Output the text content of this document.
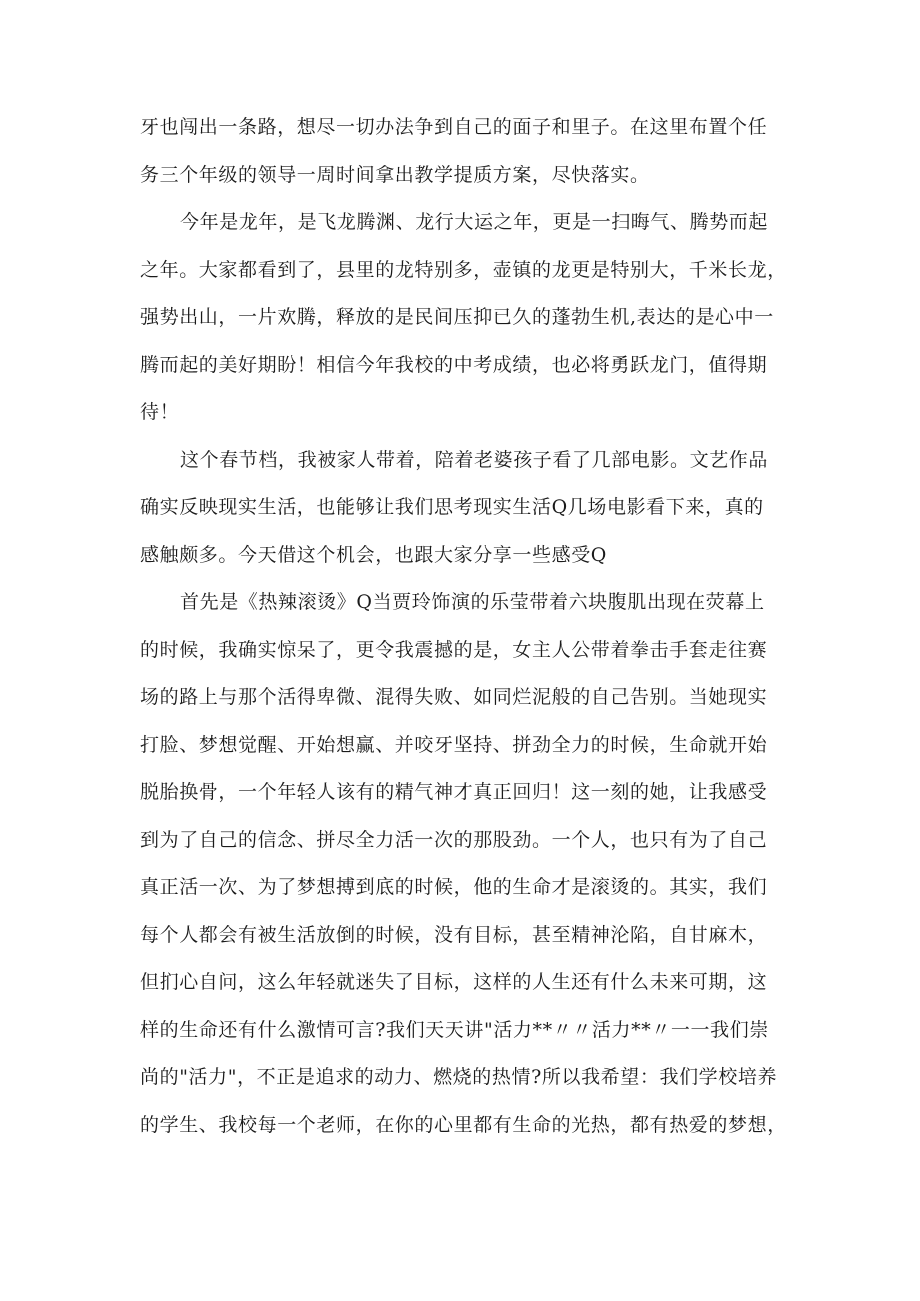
牙也闯出一条路，想尽一切办法争到自己的面子和里子。在这里布置个任
务三个年级的领导一周时间拿出教学提质方案，尽快落实。
今年是龙年，是飞龙腾渊、龙行大运之年，更是一扫晦气、腾势而起
之年。大家都看到了，县里的龙特别多，壶镇的龙更是特别大，千米长龙，
强势出山，一片欢腾，释放的是民间压抑已久的蓬勃生机,表达的是心中一
腾而起的美好期盼！相信今年我校的中考成绩，也必将勇跃龙门，值得期
待！
这个春节档，我被家人带着，陪着老婆孩子看了几部电影。文艺作品
确实反映现实生活，也能够让我们思考现实生活Q几场电影看下来，真的
感触颇多。今天借这个机会，也跟大家分享一些感受Q
首先是《热辣滚烫》Q当贾玲饰演的乐莹带着六块腹肌出现在荧幕上
的时候，我确实惊呆了，更令我震撼的是，女主人公带着拳击手套走往赛
场的路上与那个活得卑微、混得失败、如同烂泥般的自己告别。当她现实
打脸、梦想觉醒、开始想赢、并咬牙坚持、拼劲全力的时候，生命就开始
脱胎换骨，一个年轻人该有的精气神才真正回归！这一刻的她，让我感受
到为了自己的信念、拼尽全力活一次的那股劲。一个人，也只有为了自己
真正活一次、为了梦想搏到底的时候，他的生命才是滚烫的。其实，我们
每个人都会有被生活放倒的时候，没有目标，甚至精神沦陷，自甘麻木，
但扪心自问，这么年轻就迷失了目标，这样的人生还有什么未来可期，这
样的生命还有什么激情可言?我们天天讲"活力**〃〃活力**〃一一我们崇
尚的"活力"，不正是追求的动力、燃烧的热情?所以我希望：我们学校培养
的学生、我校每一个老师，在你的心里都有生命的光热，都有热爱的梦想，
